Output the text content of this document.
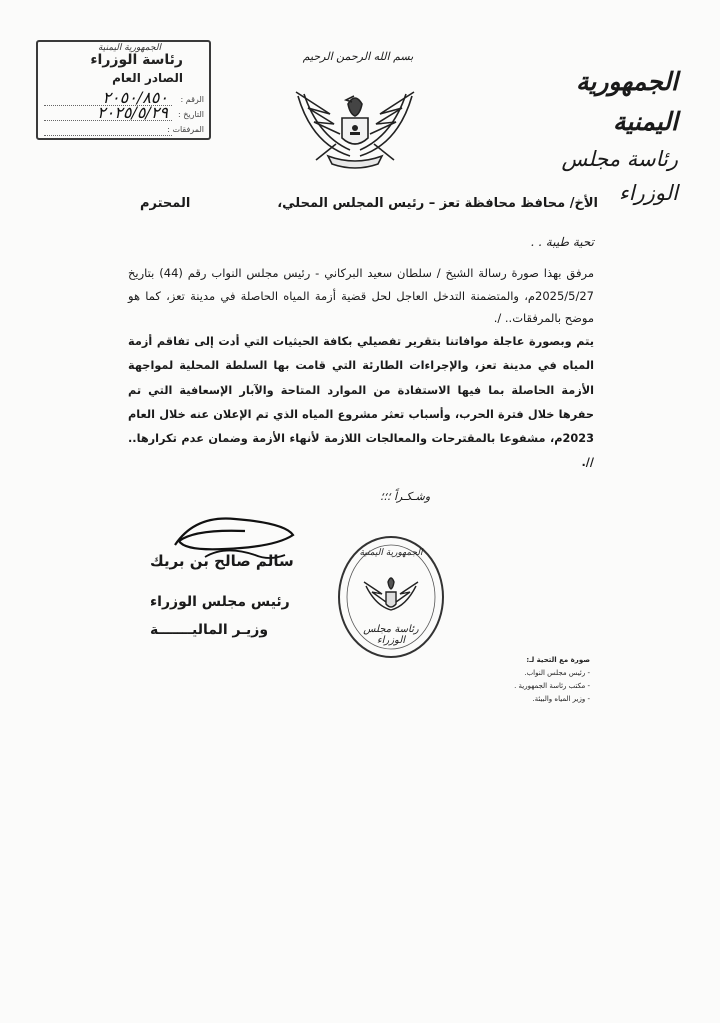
الجمهورية اليمنية
رئاسة مجلس الوزراء
بسم الله الرحمن الرحيم
الجمهورية اليمنية
رئاسة الوزراء
الصادر العام
الرقم :
٢٠٥٠/٨٥٠
التاريخ :
٢٠٢٥/٥/٢٩
المرفقات :
الأخ/ محافظ محافظة تعز – رئيس المجلس المحلي،
المحترم
تحية طيبة . .
مرفق بهذا صورة رسالة الشيخ / سلطان سعيد البركاني - رئيس مجلس النواب رقم (44) بتاريخ 2025/5/27م، والمتضمنة التدخل العاجل لحل قضية أزمة المياه الحاصلة في مدينة تعز، كما هو موضح بالمرفقات.. /.
يتم وبصورة عاجلة موافاتنا بتقرير تفصيلي بكافة الحيثيات التي أدت إلى تفاقم أزمة المياه في مدينة تعز، والإجراءات الطارئة التي قامت بها السلطة المحلية لمواجهة الأزمة الحاصلة بما فيها الاستفادة من الموارد المتاحة والآبار الإسعافية التي تم حفرها خلال فترة الحرب، وأسباب تعثر مشروع المياه الذي تم الإعلان عنه خلال العام 2023م، مشفوعا بالمقترحات والمعالجات اللازمة لأنهاء الأزمة وضمان عدم تكرارها.. //.
وشـكـراً ؛؛؛
سالم صالح بن بريك
رئيس مجلس الوزراء
وزيـر الماليـــــــة
الجمهورية اليمنية
رئاسة مجلس الوزراء
صورة مع التحية لـ:
- رئيس مجلس النواب.
- مكتب رئاسة الجمهورية .
- وزير المياه والبيئة.
